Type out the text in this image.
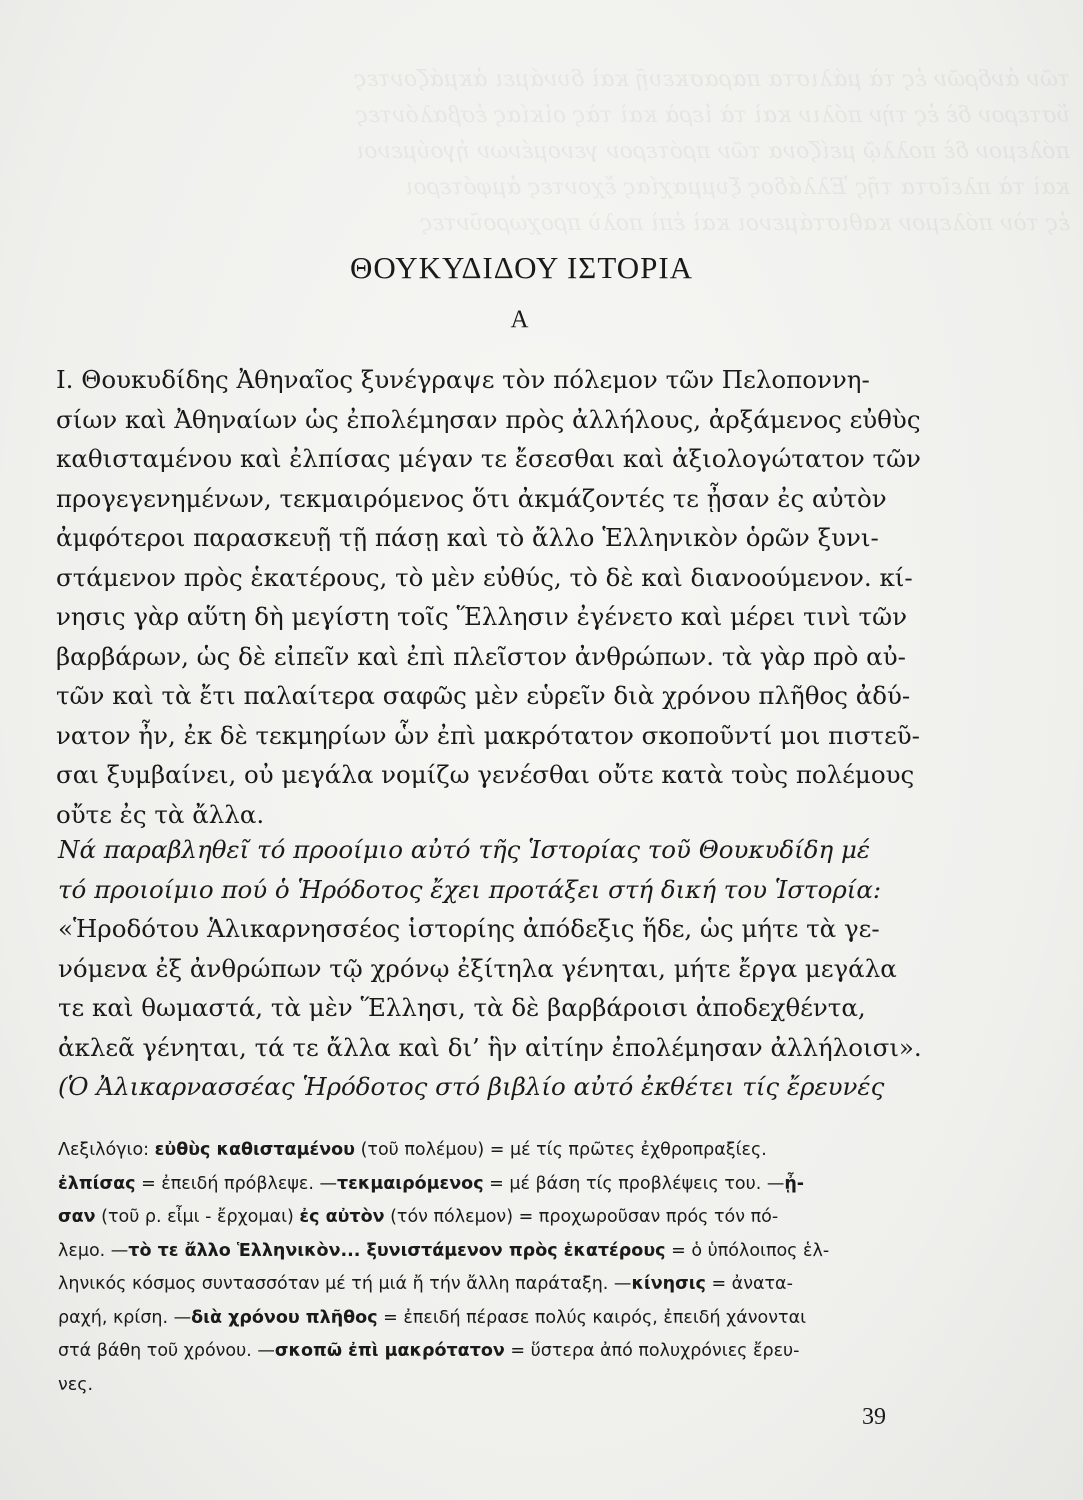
τῶν ἀνδρῶν ἐς τὰ μάλιστα παρασκευῇ καὶ δυνάμει ἀκμάζοντες
ὕστερον δὲ ἐς τὴν πόλιν καὶ τὰ ἱερὰ καὶ τὰς οἰκίας ἐσβαλόντες
πόλεμον δὲ πολλῷ μείζονα τῶν πρότερον γενομένων ἡγούμενοι
καὶ τὰ πλεῖστα τῆς Ἑλλάδος ξυμμαχίας ἔχοντες ἀμφότεροι
ἐς τὸν πόλεμον καθιστάμενοι καὶ ἐπὶ πολὺ προχωροῦντες
ΘΟΥΚΥΔΙΔΟΥ ΙΣΤΟΡΙΑ
Α
Ι. Θουκυδίδης Ἀθηναῖος ξυνέγραψε τὸν πόλεμον τῶν Πελοποννη-
σίων καὶ Ἀθηναίων ὡς ἐπολέμησαν πρὸς ἀλλήλους, ἀρξάμενος εὐθὺς
καθισταμένου καὶ ἐλπίσας μέγαν τε ἔσεσθαι καὶ ἀξιολογώτατον τῶν
προγεγενημένων, τεκμαιρόμενος ὅτι ἀκμάζοντές τε ᾖσαν ἐς αὐτὸν
ἀμφότεροι παρασκευῇ τῇ πάσῃ καὶ τὸ ἄλλο Ἑλληνικὸν ὁρῶν ξυνι-
στάμενον πρὸς ἑκατέρους, τὸ μὲν εὐθύς, τὸ δὲ καὶ διανοούμενον. κί-
νησις γὰρ αὕτη δὴ μεγίστη τοῖς Ἕλλησιν ἐγένετο καὶ μέρει τινὶ τῶν
βαρβάρων, ὡς δὲ εἰπεῖν καὶ ἐπὶ πλεῖστον ἀνθρώπων. τὰ γὰρ πρὸ αὐ-
τῶν καὶ τὰ ἔτι παλαίτερα σαφῶς μὲν εὑρεῖν διὰ χρόνου πλῆθος ἀδύ-
νατον ἦν, ἐκ δὲ τεκμηρίων ὧν ἐπὶ μακρότατον σκοποῦντί μοι πιστεῦ-
σαι ξυμβαίνει, οὐ μεγάλα νομίζω γενέσθαι οὔτε κατὰ τοὺς πολέμους
οὔτε ἐς τὰ ἄλλα.
Νά παραβληθεῖ τό προοίμιο αὐτό τῆς Ἱστορίας τοῦ Θουκυδίδη μέ
τό προιοίμιο πού ὁ Ἡρόδοτος ἔχει προτάξει στή δική του Ἱστορία:
«Ἡροδότου Ἁλικαρνησσέος ἱστορίης ἀπόδεξις ἥδε, ὡς μήτε τὰ γε-
νόμενα ἐξ ἀνθρώπων τῷ χρόνῳ ἐξίτηλα γένηται, μήτε ἔργα μεγάλα
τε καὶ θωμαστά, τὰ μὲν Ἕλλησι, τὰ δὲ βαρβάροισι ἀποδεχθέντα,
ἀκλεᾶ γένηται, τά τε ἄλλα καὶ δι’ ἣν αἰτίην ἐπολέμησαν ἀλλήλοισι».
(Ὁ Ἀλικαρνασσέας Ἡρόδοτος στό βιβλίο αὐτό ἐκθέτει τίς ἔρευνές
Λεξιλόγιο: εὐθὺς καθισταμένου (τοῦ πολέμου) = μέ τίς πρῶτες ἐχθροπραξίες.
ἐλπίσας = ἐπειδή πρόβλεψε. —τεκμαιρόμενος = μέ βάση τίς προβλέψεις του. —ᾖ-
σαν (τοῦ ρ. εἶμι - ἔρχομαι) ἐς αὐτὸν (τόν πόλεμον) = προχωροῦσαν πρός τόν πό-
λεμο. —τὸ τε ἄλλο Ἑλληνικὸν... ξυνιστάμενον πρὸς ἑκατέρους = ὁ ὑπόλοιπος ἑλ-
ληνικός κόσμος συντασσόταν μέ τή μιά ἤ τήν ἄλλη παράταξη. —κίνησις = ἀνατα-
ραχή, κρίση. —διὰ χρόνου πλῆθος = ἐπειδή πέρασε πολύς καιρός, ἐπειδή χάνονται
στά βάθη τοῦ χρόνου. —σκοπῶ ἐπὶ μακρότατον = ὕστερα ἀπό πολυχρόνιες ἔρευ-
νες.
39
